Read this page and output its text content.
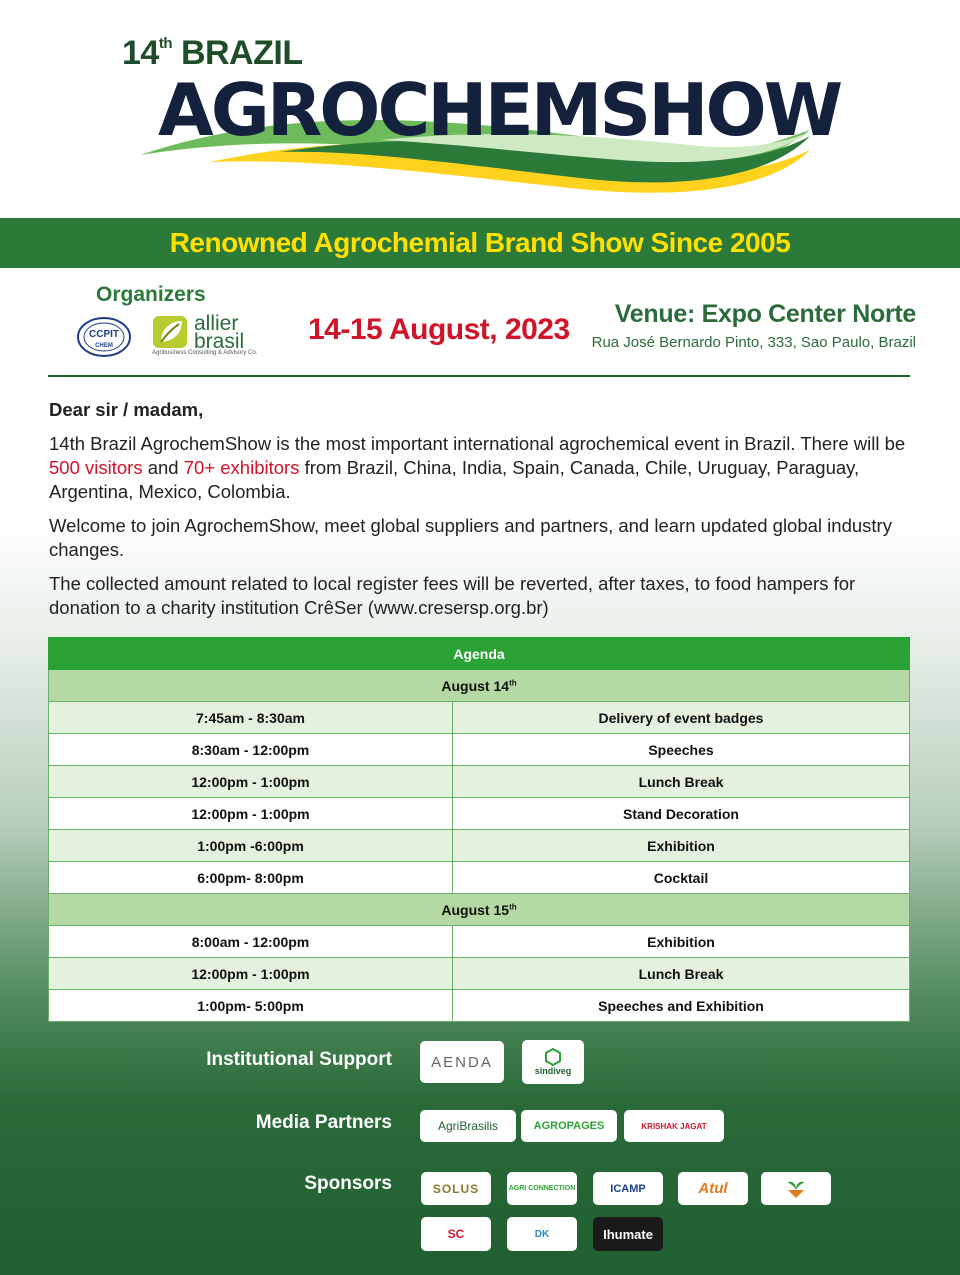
14th BRAZIL
AGROCHEMSHOW
Renowned Agrochemial Brand Show Since 2005
Organizers
CCPIT
CHEM
allier
brasil
Agribusiness Consulting & Advisory Co.
14-15 August, 2023 Venue: Expo Center Norte
Rua José Bernardo Pinto, 333, Sao Paulo, Brazil
Dear sir / madam,

14th Brazil AgrochemShow is the most important international agrochemical event in Brazil. There will be 500 visitors and 70+ exhibitors from Brazil, China, India, Spain, Canada, Chile, Uruguay, Paraguay, Argentina, Mexico, Colombia.

Welcome to join AgrochemShow, meet global suppliers and partners, and learn updated global industry changes.

The collected amount related to local register fees will be reverted, after taxes, to food hampers for donation to a charity institution CrêSer (www.cresersp.org.br)

Agenda	
August 14th
7:45am - 8:30am	Delivery of event badges
8:30am - 12:00pm	Speeches
12:00pm - 1:00pm	Lunch Break
12:00pm - 1:00pm	Stand Decoration
1:00pm -6:00pm	Exhibition
6:00pm- 8:00pm	Cocktail
August 15th
8:00am - 12:00pm	Exhibition
12:00pm - 1:00pm	Lunch Break
1:00pm- 5:00pm	Speeches and Exhibition
Institutional Support	AENDA
sindiveg
Media Partners	AgriBrasilis	AGROPAGES	KRISHAK JAGAT
Sponsors	SOLUS	AGRI CONNECTION	ICAMP	Atul
SC	DK	Ihumate
